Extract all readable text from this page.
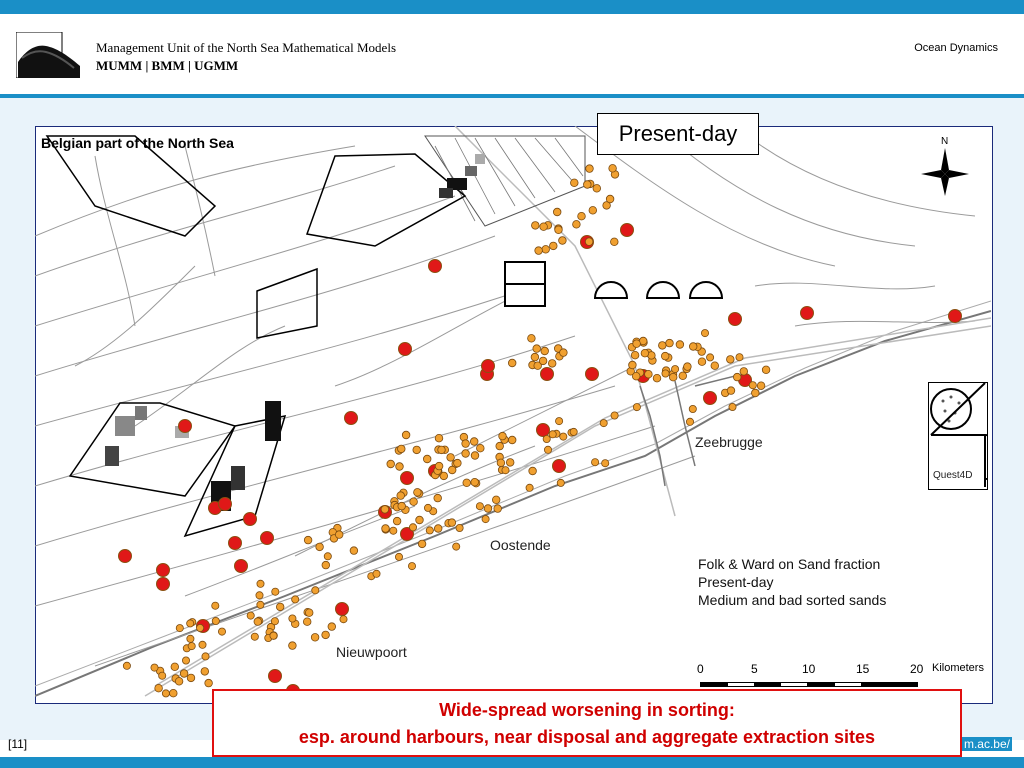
Management Unit of the North Sea Mathematical Models
MUMM | BMM | UGMM
Ocean Dynamics
N
Belgian part of the North Sea	Present-day
Zeebrugge
Oostende
Nieuwpoort
Folk & Ward on Sand fraction
Present-day
Medium and bad sorted sands
0	5	10	15	20 Kilometers
Quest4D
[11]	m.ac.be/
Wide-spread worsening in sorting:
esp. around harbours, near disposal and aggregate extraction sites
